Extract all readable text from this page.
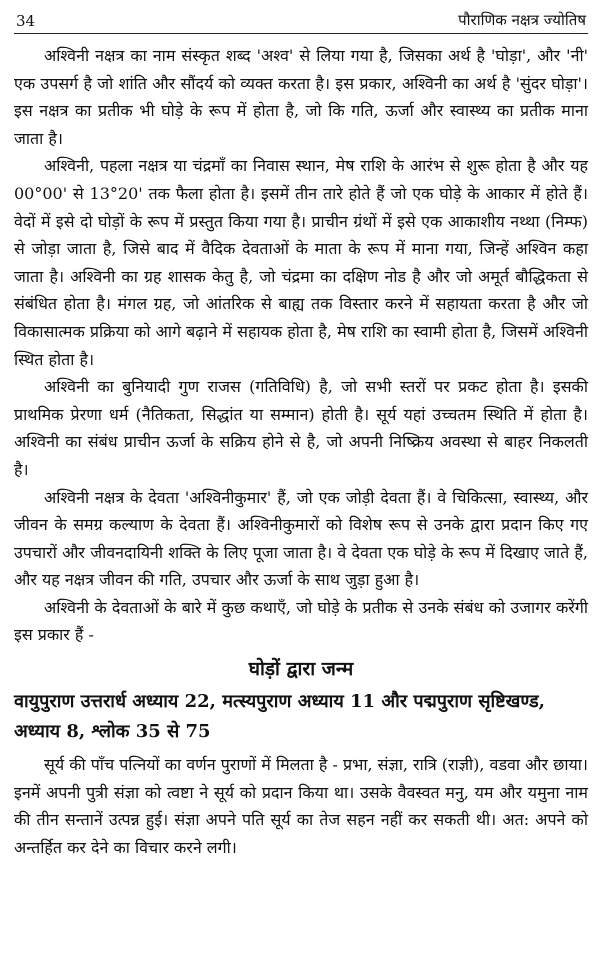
34	पौराणिक नक्षत्र ज्योतिष

अश्विनी नक्षत्र का नाम संस्कृत शब्द 'अश्व' से लिया गया है, जिसका अर्थ है 'घोड़ा', और 'नी' एक उपसर्ग है जो शांति और सौंदर्य को व्यक्त करता है। इस प्रकार, अश्विनी का अर्थ है 'सुंदर घोड़ा'। इस नक्षत्र का प्रतीक भी घोड़े के रूप में होता है, जो कि गति, ऊर्जा और स्वास्थ्य का प्रतीक माना जाता है।

अश्विनी, पहला नक्षत्र या चंद्रमाँ का निवास स्थान, मेष राशि के आरंभ से शुरू होता है और यह 00°00' से 13°20' तक फैला होता है। इसमें तीन तारे होते हैं जो एक घोड़े के आकार में होते हैं। वेदों में इसे दो घोड़ों के रूप में प्रस्तुत किया गया है। प्राचीन ग्रंथों में इसे एक आकाशीय नथ्था (निम्फ) से जोड़ा जाता है, जिसे बाद में वैदिक देवताओं के माता के रूप में माना गया, जिन्हें अश्विन कहा जाता है। अश्विनी का ग्रह शासक केतु है, जो चंद्रमा का दक्षिण नोड है और जो अमूर्त बौद्धिकता से संबंधित होता है। मंगल ग्रह, जो आंतरिक से बाह्य तक विस्तार करने में सहायता करता है और जो विकासात्मक प्रक्रिया को आगे बढ़ाने में सहायक होता है, मेष राशि का स्वामी होता है, जिसमें अश्विनी स्थित होता है।

अश्विनी का बुनियादी गुण राजस (गतिविधि) है, जो सभी स्तरों पर प्रकट होता है। इसकी प्राथमिक प्रेरणा धर्म (नैतिकता, सिद्धांत या सम्मान) होती है। सूर्य यहां उच्चतम स्थिति में होता है। अश्विनी का संबंध प्राचीन ऊर्जा के सक्रिय होने से है, जो अपनी निष्क्रिय अवस्था से बाहर निकलती है।

अश्विनी नक्षत्र के देवता 'अश्विनीकुमार' हैं, जो एक जोड़ी देवता हैं। वे चिकित्सा, स्वास्थ्य, और जीवन के समग्र कल्याण के देवता हैं। अश्विनीकुमारों को विशेष रूप से उनके द्वारा प्रदान किए गए उपचारों और जीवनदायिनी शक्ति के लिए पूजा जाता है। वे देवता एक घोड़े के रूप में दिखाए जाते हैं, और यह नक्षत्र जीवन की गति, उपचार और ऊर्जा के साथ जुड़ा हुआ है।

अश्विनी के देवताओं के बारे में कुछ कथाएँ, जो घोड़े के प्रतीक से उनके संबंध को उजागर करेंगी इस प्रकार हैं -

घोड़ों द्वारा जन्म
वायुपुराण उत्तरार्ध अध्याय 22, मत्स्यपुराण अध्याय 11 और पद्मपुराण सृष्टिखण्ड, अध्याय 8, श्लोक 35 से 75

सूर्य की पाँच पत्नियों का वर्णन पुराणों में मिलता है - प्रभा, संज्ञा, रात्रि (राज्ञी), वडवा और छाया। इनमें अपनी पुत्री संज्ञा को त्वष्टा ने सूर्य को प्रदान किया था। उसके वैवस्वत मनु, यम और यमुना नाम की तीन सन्तानें उत्पन्न हुई। संज्ञा अपने पति सूर्य का तेज सहन नहीं कर सकती थी। अत: अपने को अन्तर्हित कर देने का विचार करने लगी।
